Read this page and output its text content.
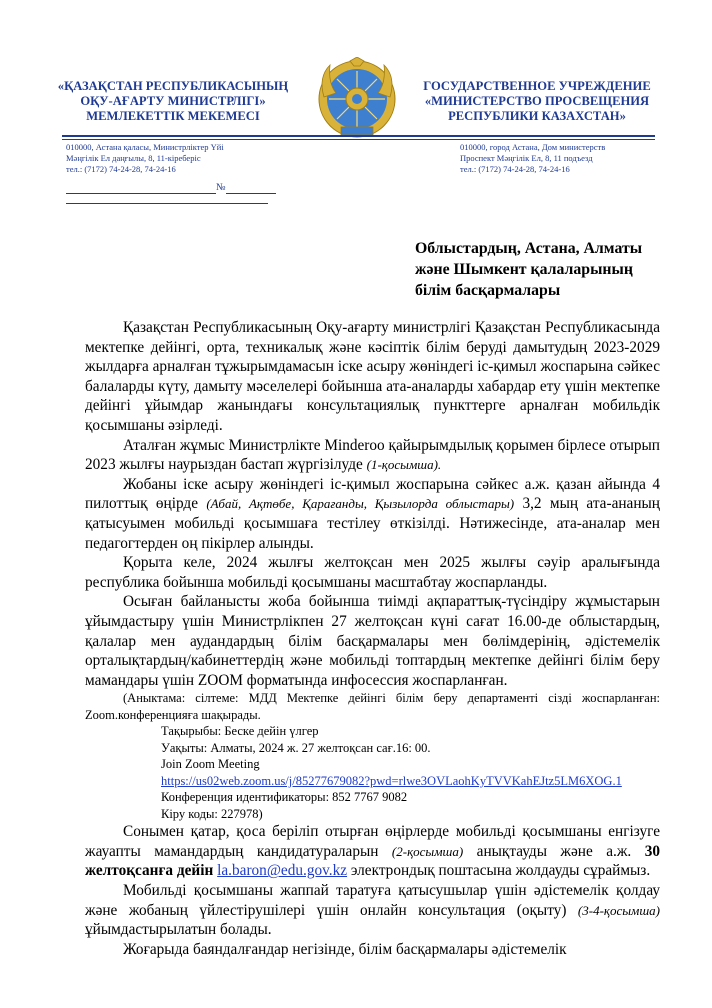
«ҚАЗАҚСТАН РЕСПУБЛИКАСЫНЫҢ
ОҚУ-АҒАРТУ МИНИСТРЛІГІ»
МЕМЛЕКЕТТІК МЕКЕМЕСІ
ГОСУДАРСТВЕННОЕ УЧРЕЖДЕНИЕ
«МИНИСТЕРСТВО ПРОСВЕЩЕНИЯ
РЕСПУБЛИКИ КАЗАХСТАН»
010000, Астана қаласы, Министрліктер Үйі
Мәңгілік Ел даңғылы, 8, 11-кіреберіс
тел.: (7172) 74-24-28, 74-24-16
010000, город Астана, Дом министерств
Проспект Мәңгілік Ел, 8, 11 подъезд
тел.: (7172) 74-24-28, 74-24-16
№
Облыстардың, Астана, Алматы
және Шымкент қалаларының
білім басқармалары

Қазақстан Республикасының Оқу-ағарту министрлігі Қазақстан Республикасында мектепке дейінгі, орта, техникалық және кәсіптік білім беруді дамытудың 2023-2029 жылдарға арналған тұжырымдамасын іске асыру жөніндегі іс-қимыл жоспарына сәйкес балаларды күту, дамыту мәселелері бойынша ата-аналарды хабардар ету үшін мектепке дейінгі ұйымдар жанындағы консультациялық пункттерге арналған мобильдік қосымшаны әзірледі.

Аталған жұмыс Министрлікте Minderoo қайырымдылық қорымен бірлесе отырып 2023 жылғы наурыздан бастап жүргізілуде (1-қосымша).

Жобаны іске асыру жөніндегі іс-қимыл жоспарына сәйкес а.ж. қазан айында 4 пилоттық өңірде (Абай, Ақтөбе, Қарағанды, Қызылорда облыстары) 3,2 мың ата-ананың қатысуымен мобильді қосымшаға тестілеу өткізілді. Нәтижесінде, ата-аналар мен педагогтерден оң пікірлер алынды.

Қорыта келе, 2024 жылғы желтоқсан мен 2025 жылғы сәуір аралығында республика бойынша мобильді қосымшаны масштабтау жоспарланды.

Осыған байланысты жоба бойынша тиімді ақпараттық-түсіндіру жұмыстарын ұйымдастыру үшін Министрлікпен 27 желтоқсан күні сағат 16.00-де облыстардың, қалалар мен аудандардың білім басқармалары мен бөлімдерінің, әдістемелік орталықтардың/кабинеттердің және мобильді топтардың мектепке дейінгі білім беру мамандары үшін ZOOM форматында инфосессия жоспарланған.

(Аныктама: сілтеме: МДД Мектепке дейінгі білім беру департаменті сізді жоспарланған: Zoom.конференцияға шақырады.

Тақырыбы: Бес​ке дейін үлгер

Уақыты: Алматы, 2024 ж. 27 желтоқсан сағ.16: 00.

Join Zoom Meeting

https://us02web.zoom.us/j/85277679082?pwd=rlwe3OVLaohKyTVVKahEJtz5LM6XOG.1

Конференция идентификаторы: 852 7767 9082

Кіру коды: 227978)

Сонымен қатар, қоса беріліп отырған өңірлерде мобильді қосымшаны енгізуге жауапты мамандардың кандидатураларын (2-қосымша) анықтауды және а.ж. 30 желтоқсанға дейін la.baron@edu.gov.kz электрондық поштасына жолдауды сұраймыз.

Мобильді қосымшаны жаппай таратуға қатысушылар үшін әдістемелік қолдау және жобаның үйлестірушілері үшін онлайн консультация (оқыту) (3-4-қосымша) ұйымдастырылатын болады.

Жоғарыда баяндалғандар негізінде, білім басқармалары әдістемелік
